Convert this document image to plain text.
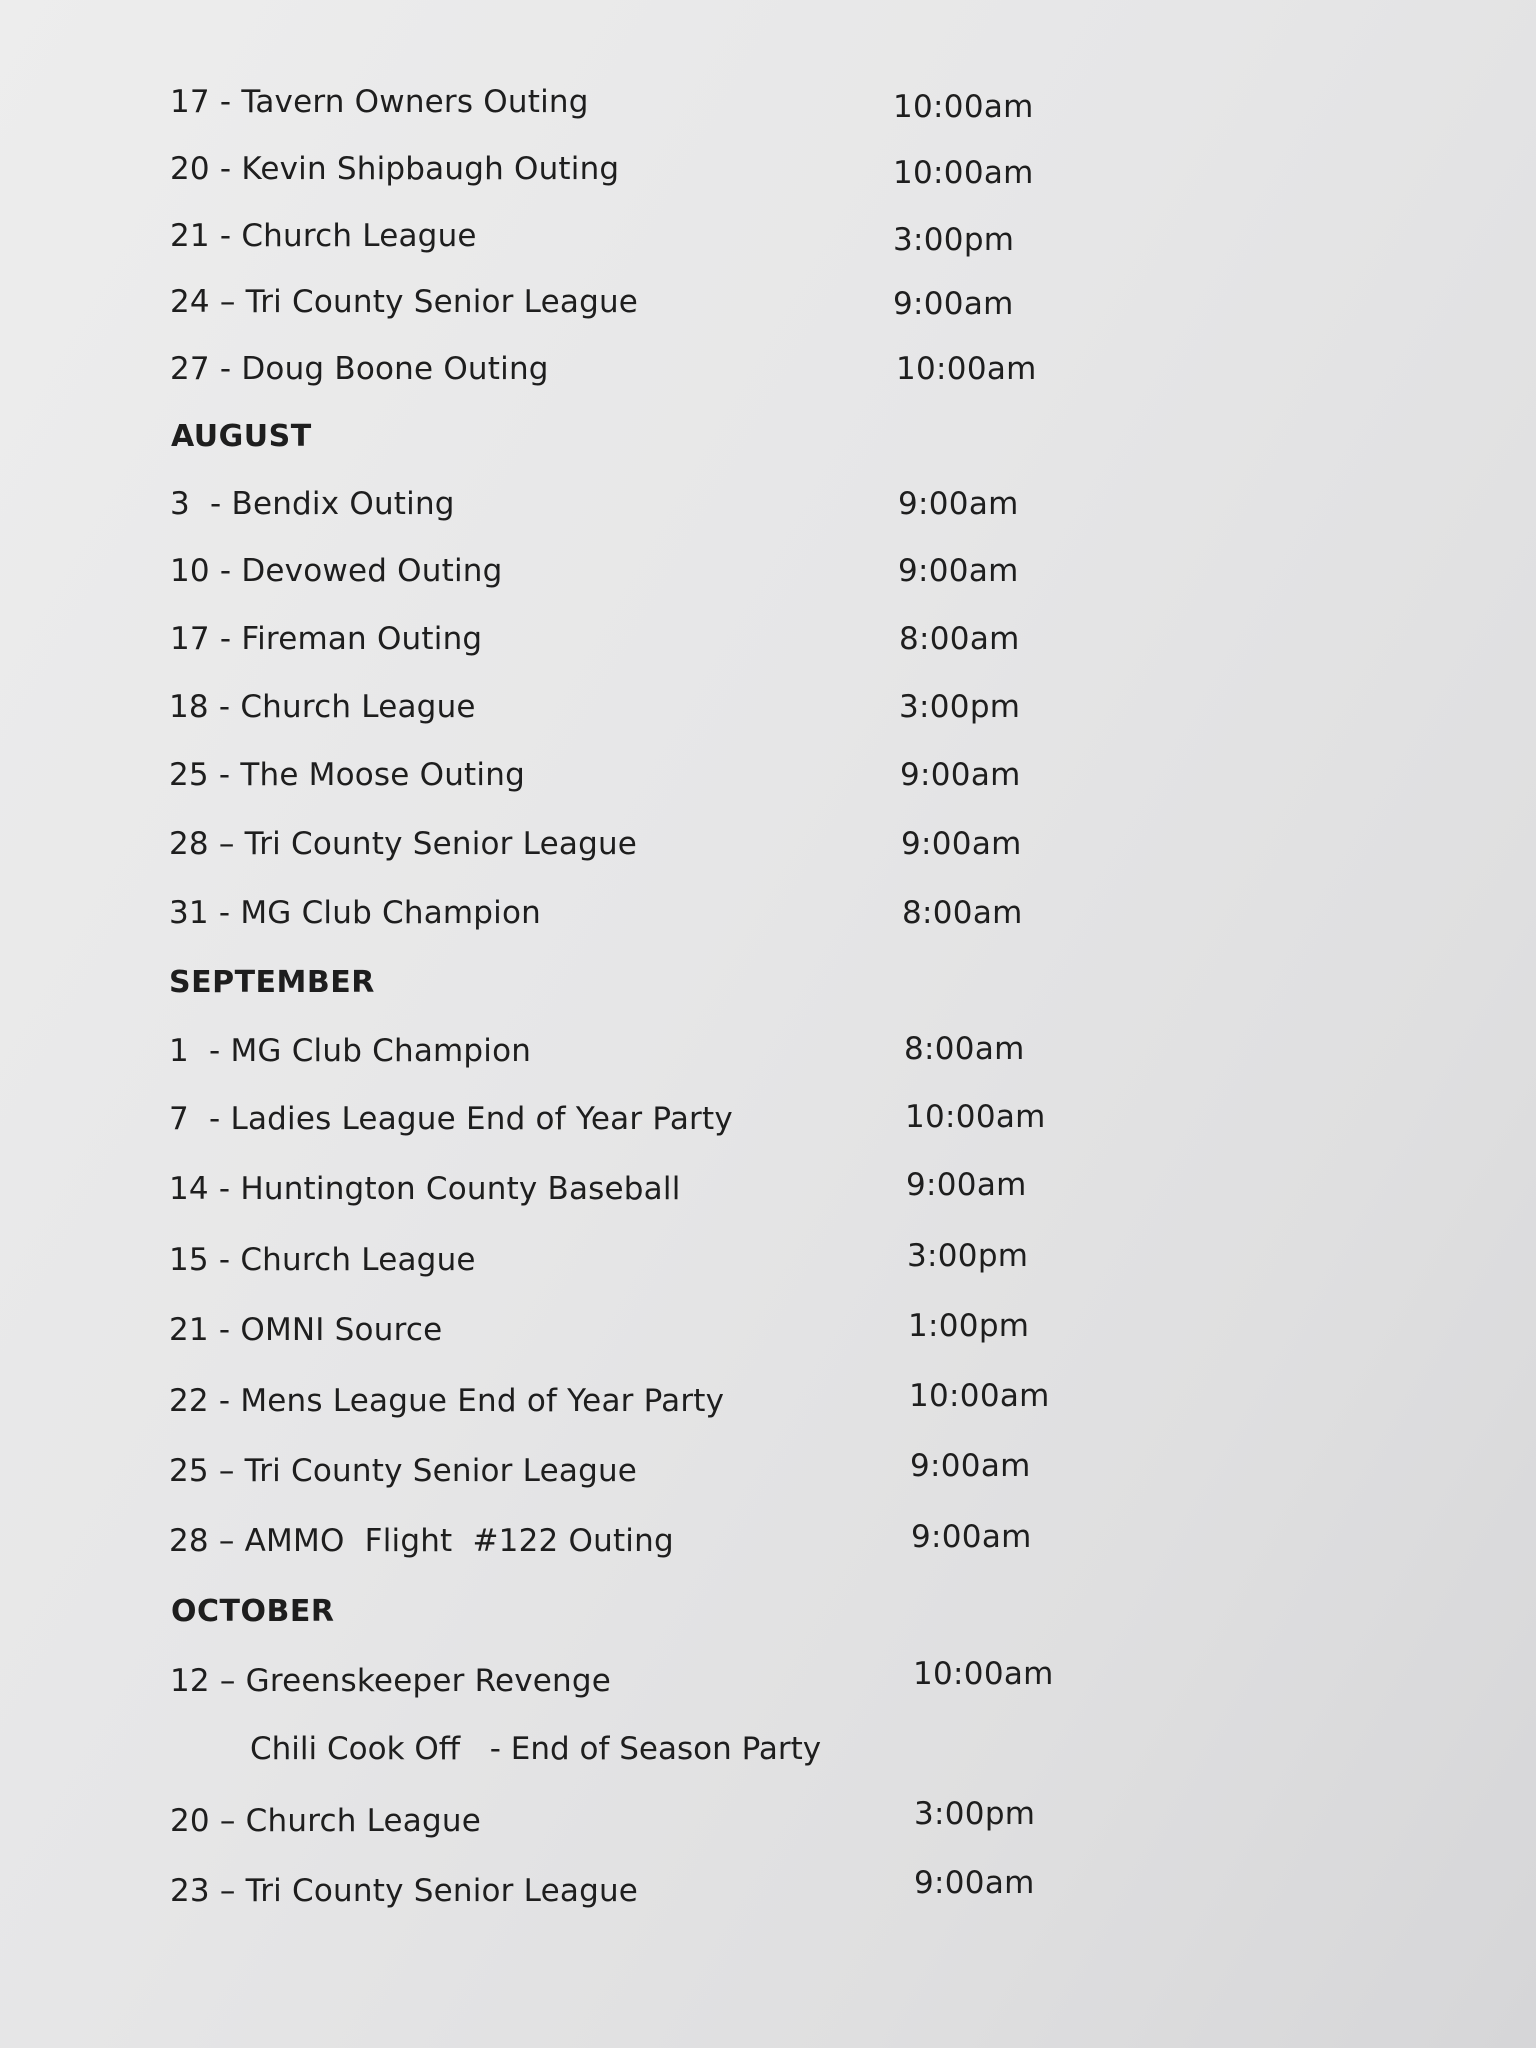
17 - Tavern Owners Outing	10:00am
20 - Kevin Shipbaugh Outing	10:00am
21 - Church League	3:00pm
24 – Tri County Senior League	9:00am
27 - Doug Boone Outing	10:00am
AUGUST
3  - Bendix Outing	9:00am
10 - Devowed Outing	9:00am
17 - Fireman Outing	8:00am
18 - Church League	3:00pm
25 - The Moose Outing	9:00am
28 – Tri County Senior League	9:00am
31 - MG Club Champion	8:00am
SEPTEMBER
1  - MG Club Champion	8:00am
7  - Ladies League End of Year Party	10:00am
14 - Huntington County Baseball	9:00am
15 - Church League	3:00pm
21 - OMNI Source	1:00pm
22 - Mens League End of Year Party	10:00am
25 – Tri County Senior League	9:00am
28 – AMMO  Flight  #122 Outing	9:00am
OCTOBER
12 – Greenskeeper Revenge	10:00am
Chili Cook Off   - End of Season Party
20 – Church League	3:00pm
23 – Tri County Senior League	9:00am
